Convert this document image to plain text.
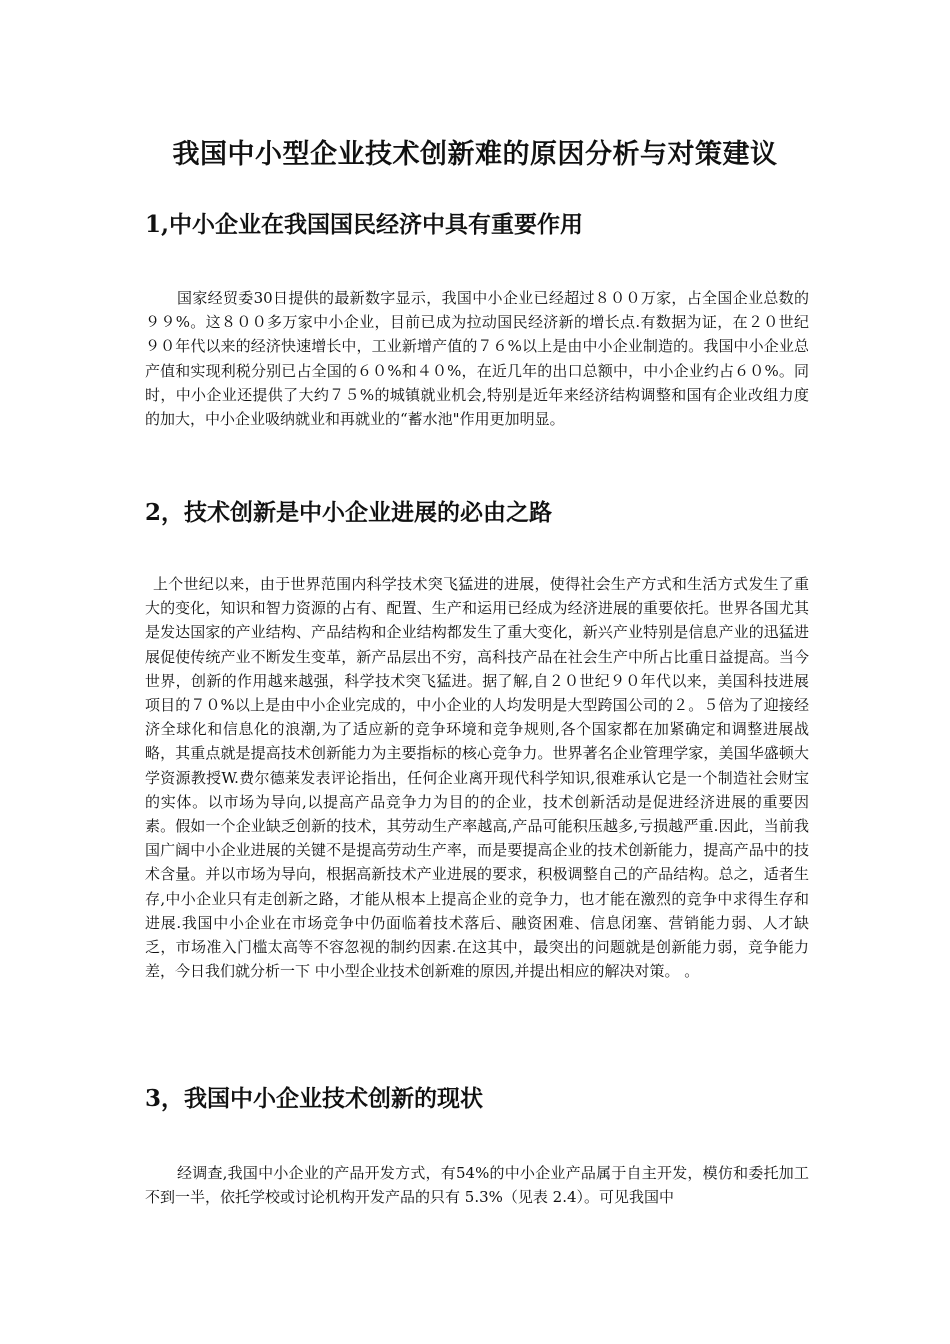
我国中小型企业技术创新难的原因分析与对策建议
1,中小企业在我国国民经济中具有重要作用

国家经贸委30日提供的最新数字显示，我国中小企业已经超过８００万家，占全国企业总数的９９%。这８００多万家中小企业，目前已成为拉动国民经济新的增长点.有数据为证，在２０世纪９０年代以来的经济快速增长中，工业新增产值的７６%以上是由中小企业制造的。我国中小企业总产值和实现利税分别已占全国的６０%和４０%，在近几年的出口总额中，中小企业约占６０%。同时，中小企业还提供了大约７５%的城镇就业机会,特别是近年来经济结构调整和国有企业改组力度的加大，中小企业吸纳就业和再就业的“蓄水池"作用更加明显。

2，技术创新是中小企业进展的必由之路

上个世纪以来，由于世界范围内科学技术突飞猛进的进展，使得社会生产方式和生活方式发生了重大的变化，知识和智力资源的占有、配置、生产和运用已经成为经济进展的重要依托。世界各国尤其是发达国家的产业结构、产品结构和企业结构都发生了重大变化，新兴产业特别是信息产业的迅猛进展促使传统产业不断发生变革，新产品层出不穷，高科技产品在社会生产中所占比重日益提高。当今世界，创新的作用越来越强，科学技术突飞猛进。据了解,自２０世纪９０年代以来，美国科技进展项目的７０%以上是由中小企业完成的，中小企业的人均发明是大型跨国公司的２。５倍为了迎接经济全球化和信息化的浪潮,为了适应新的竞争环境和竞争规则,各个国家都在加紧确定和调整进展战略，其重点就是提高技术创新能力为主要指标的核心竞争力。世界著名企业管理学家，美国华盛顿大学资源教授W.费尔德莱发表评论指出，任何企业离开现代科学知识,很难承认它是一个制造社会财宝的实体。以市场为导向,以提高产品竞争力为目的的企业，技术创新活动是促进经济进展的重要因素。假如一个企业缺乏创新的技术，其劳动生产率越高,产品可能积压越多,亏损越严重.因此，当前我国广阔中小企业进展的关键不是提高劳动生产率，而是要提高企业的技术创新能力，提高产品中的技术含量。并以市场为导向，根据高新技术产业进展的要求，积极调整自己的产品结构。总之，适者生存,中小企业只有走创新之路，才能从根本上提高企业的竞争力，也才能在激烈的竞争中求得生存和进展.我国中小企业在市场竞争中仍面临着技术落后、融资困难、信息闭塞、营销能力弱、人才缺乏，市场准入门槛太高等不容忽视的制约因素.在这其中，最突出的问题就是创新能力弱，竞争能力差，今日我们就分析一下 中小型企业技术创新难的原因,并提出相应的解决对策。 。

3，我国中小企业技术创新的现状

经调查,我国中小企业的产品开发方式，有54%的中小企业产品属于自主开发，模仿和委托加工不到一半，依托学校或讨论机构开发产品的只有 5.3%（见表 2.4）。可见我国中
